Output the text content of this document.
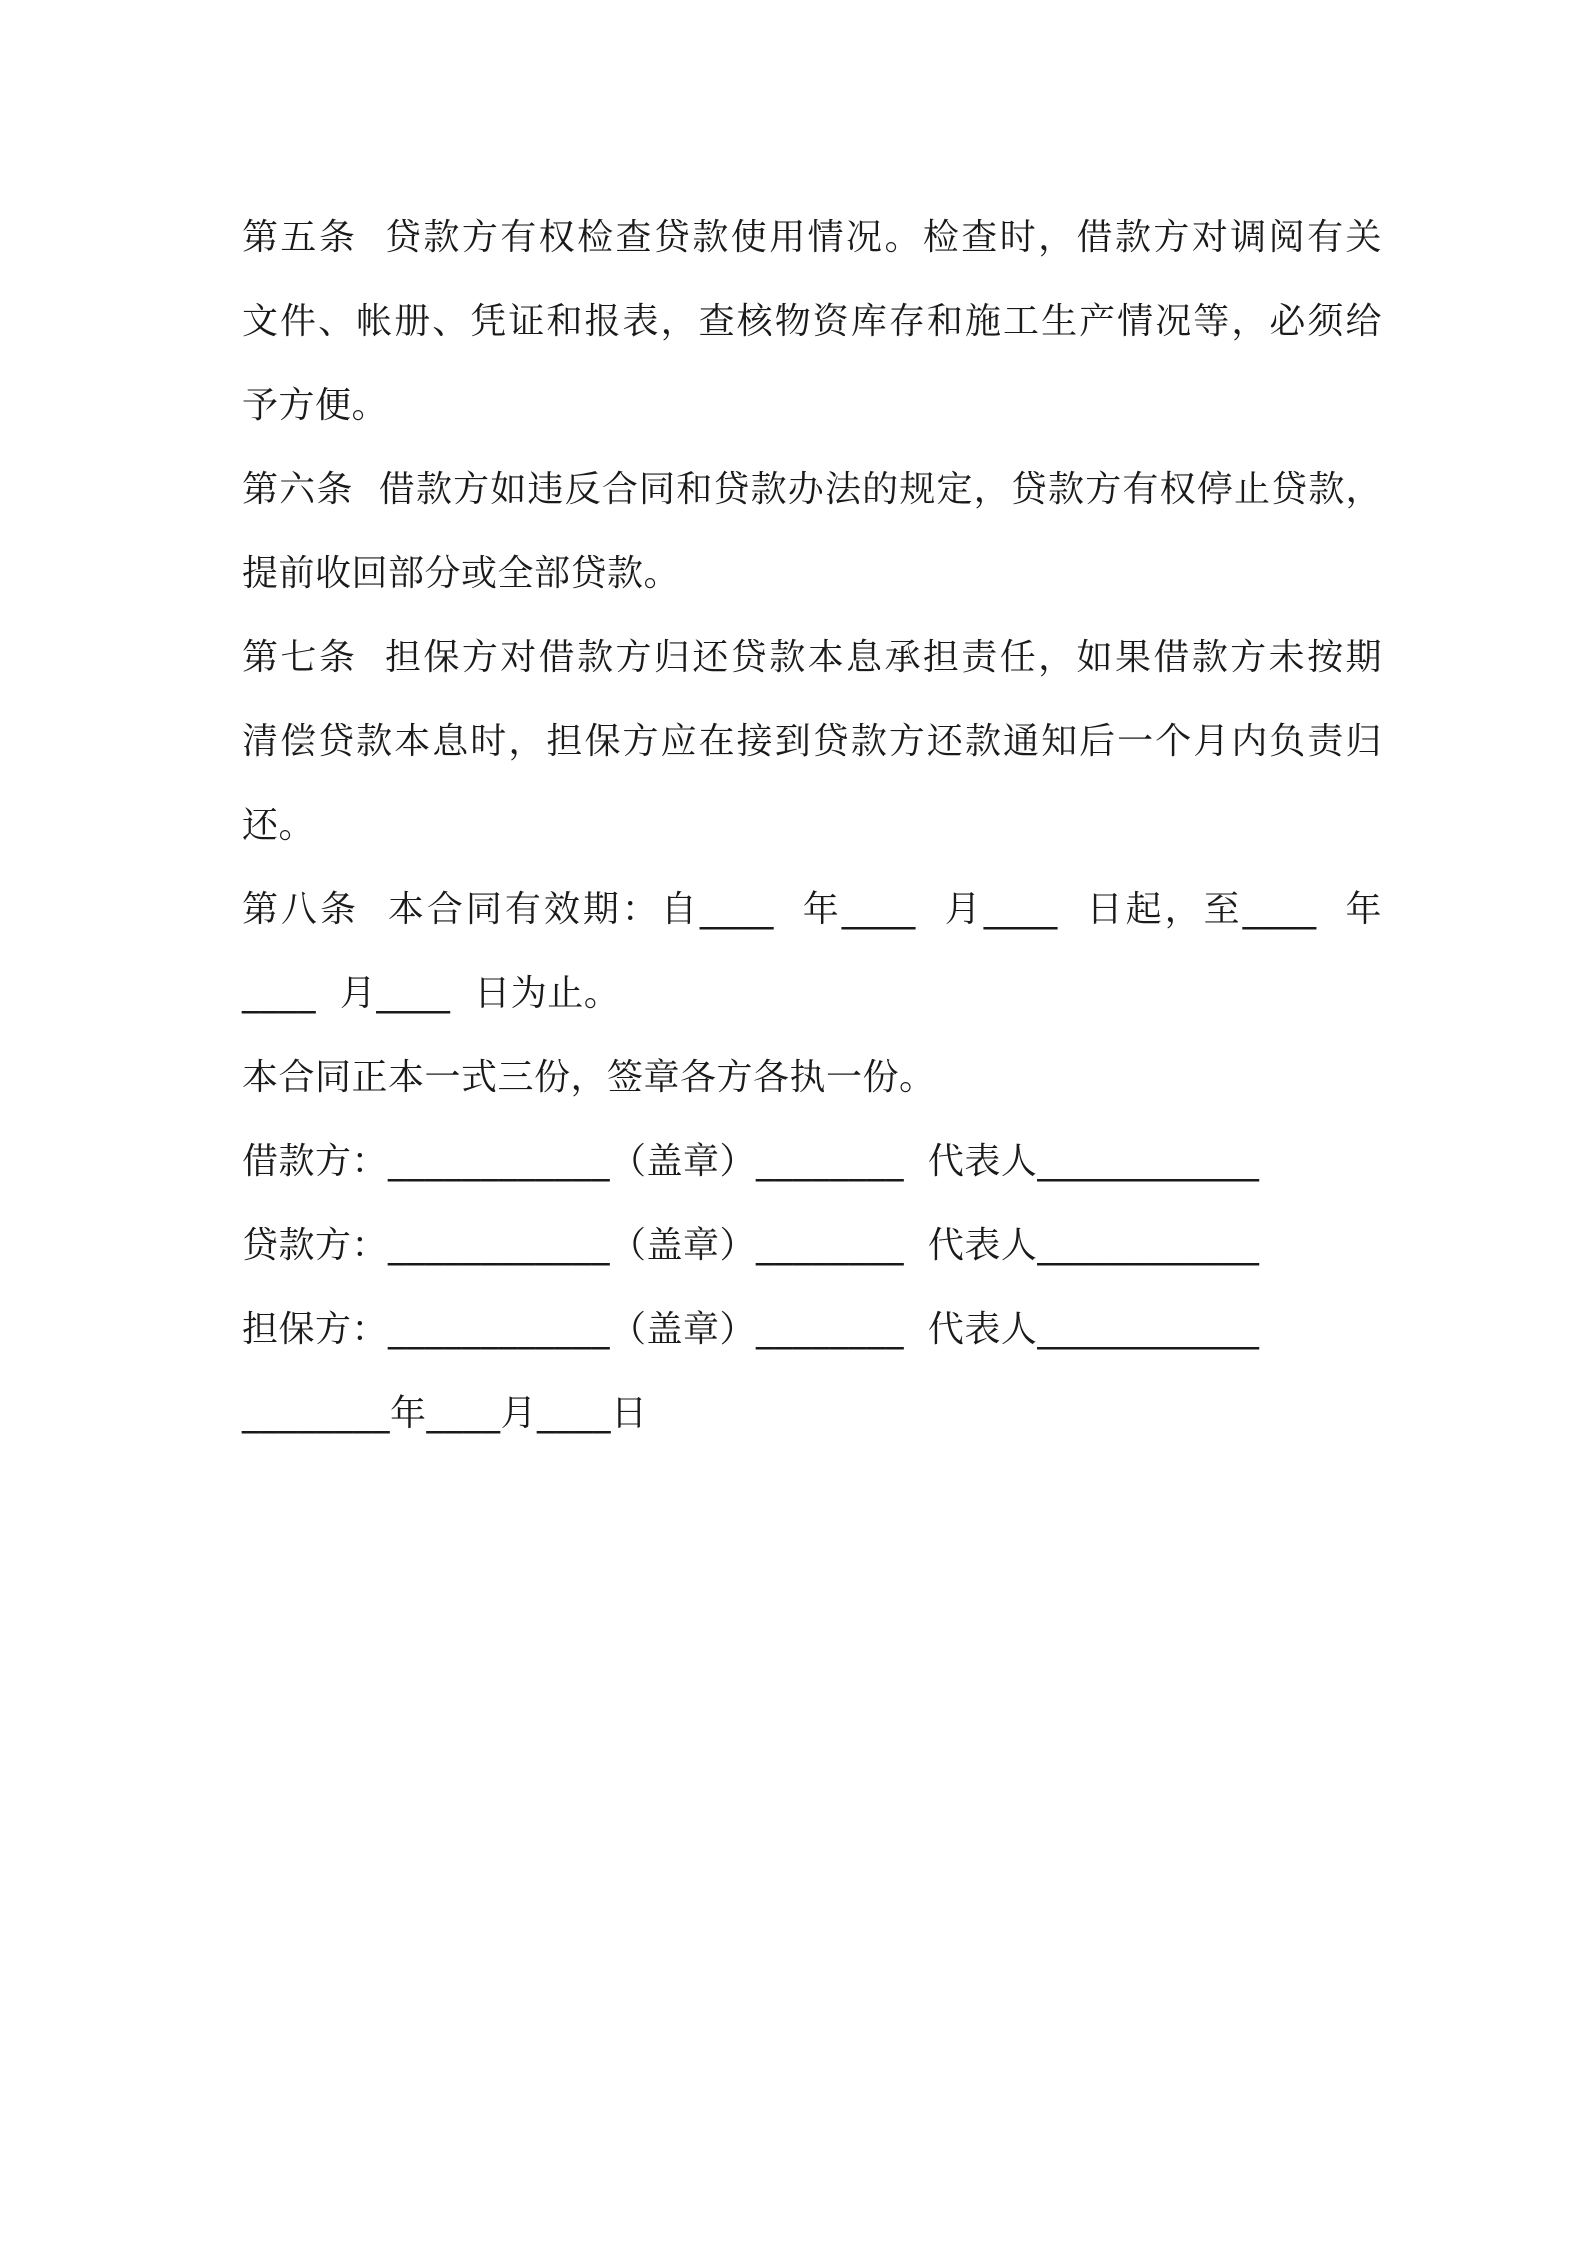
第五条  贷款方有权检查贷款使用情况。检查时，借款方对调阅有关
文件、帐册、凭证和报表，查核物资库存和施工生产情况等，必须给
予方便。
第六条  借款方如违反合同和贷款办法的规定，贷款方有权停止贷款，
提前收回部分或全部贷款。
第七条  担保方对借款方归还贷款本息承担责任，如果借款方未按期
清偿贷款本息时，担保方应在接到贷款方还款通知后一个月内负责归
还。
第八条  本合同有效期：自____  年____  月____  日起，至____  年
____  月____  日为止。
本合同正本一式三份，签章各方各执一份。
借款方：____________（盖章）________  代表人____________
贷款方：____________（盖章）________  代表人____________
担保方：____________（盖章）________  代表人____________
________年____月____日
